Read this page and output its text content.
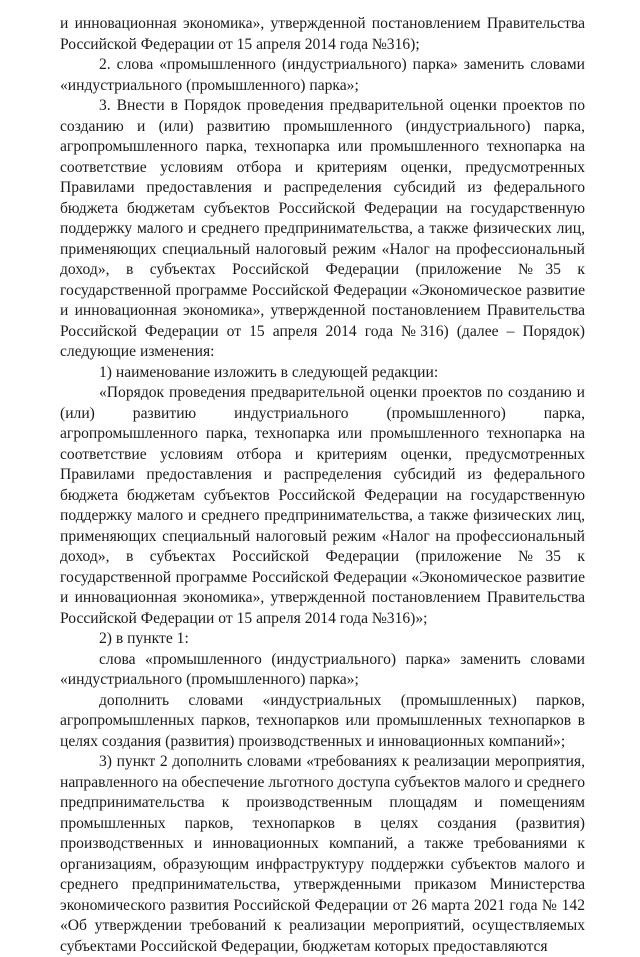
и инновационная экономика», утвержденной постановлением Правительства Российской Федерации от 15 апреля 2014 года №316);

2. слова «промышленного (индустриального) парка» заменить словами «индустриального (промышленного) парка»;

3. Внести в Порядок проведения предварительной оценки проектов по созданию и (или) развитию промышленного (индустриального) парка, агропромышленного парка, технопарка или промышленного технопарка на соответствие условиям отбора и критериям оценки, предусмотренных Правилами предоставления и распределения субсидий из федерального бюджета бюджетам субъектов Российской Федерации на государственную поддержку малого и среднего предпринимательства, а также физических лиц, применяющих специальный налоговый режим «Налог на профессиональный доход», в субъектах Российской Федерации (приложение №35 к государственной программе Российской Федерации «Экономическое развитие и инновационная экономика», утвержденной постановлением Правительства Российской Федерации от 15 апреля 2014 года №316) (далее – Порядок) следующие изменения:

1) наименование изложить в следующей редакции:

«Порядок проведения предварительной оценки проектов по созданию и (или) развитию индустриального (промышленного) парка, агропромышленного парка, технопарка или промышленного технопарка на соответствие условиям отбора и критериям оценки, предусмотренных Правилами предоставления и распределения субсидий из федерального бюджета бюджетам субъектов Российской Федерации на государственную поддержку малого и среднего предпринимательства, а также физических лиц, применяющих специальный налоговый режим «Налог на профессиональный доход», в субъектах Российской Федерации (приложение №35 к государственной программе Российской Федерации «Экономическое развитие и инновационная экономика», утвержденной постановлением Правительства Российской Федерации от 15 апреля 2014 года №316)»;

2) в пункте 1:

слова «промышленного (индустриального) парка» заменить словами «индустриального (промышленного) парка»;

дополнить словами «индустриальных (промышленных) парков, агропромышленных парков, технопарков или промышленных технопарков в целях создания (развития) производственных и инновационных компаний»;

3) пункт 2 дополнить словами «требованиях к реализации мероприятия, направленного на обеспечение льготного доступа субъектов малого и среднего предпринимательства к производственным площадям и помещениям промышленных парков, технопарков в целях создания (развития) производственных и инновационных компаний, а также требованиями к организациям, образующим инфраструктуру поддержки субъектов малого и среднего предпринимательства, утвержденными приказом Министерства экономического развития Российской Федерации от 26 марта 2021 года № 142 «Об утверждении требований к реализации мероприятий, осуществляемых субъектами Российской Федерации, бюджетам которых предоставляются
